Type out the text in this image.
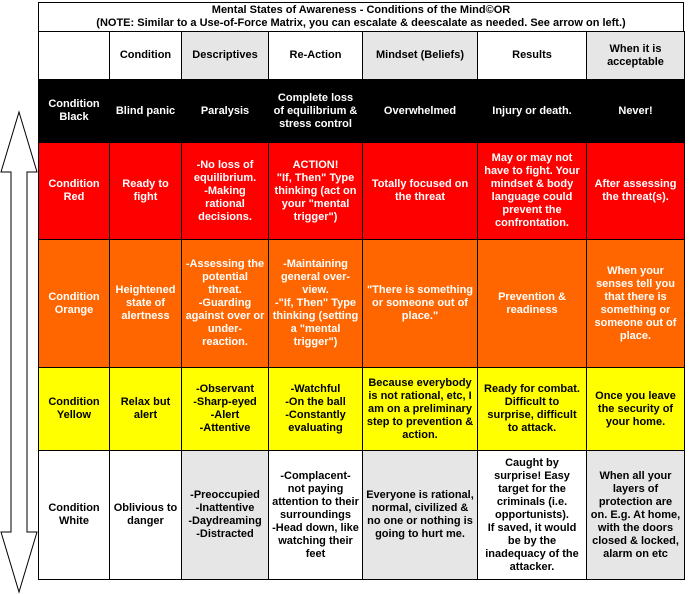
Mental States of Awareness - Conditions of the Mind©OR
(NOTE: Similar to a Use-of-Force Matrix, you can escalate & deescalate as needed. See arrow on left.)
	Condition	Descriptives	Re-Action	Mindset (Beliefs)	Results	When it is acceptable
Condition Black	Blind panic	Paralysis	Complete loss of equilibrium & stress control	Overwhelmed	Injury or death.	Never!
Condition Red	Ready to fight	-No loss of equilibrium.
-Making rational decisions.	ACTION!
"If, Then" Type thinking (act on your "mental trigger")	Totally focused on the threat	May or may not have to fight. Your mindset & body language could prevent the confrontation.	After assessing the threat(s).
Condition Orange	Heightened state of alertness	-Assessing the potential threat.
-Guarding against over or under-reaction.	-Maintaining general over-view.
-"If, Then" Type thinking (setting a "mental trigger")	"There is something or someone out of place."	Prevention & readiness	When your senses tell you that there is something or someone out of place.
Condition Yellow	Relax but alert	-Observant
-Sharp-eyed
-Alert
-Attentive	-Watchful
-On the ball
-Constantly evaluating	Because everybody is not rational, etc, I am on a preliminary step to prevention & action.	Ready for combat. Difficult to surprise, difficult to attack.	Once you leave the security of your home.
Condition White	Oblivious to danger	-Preoccupied
-Inattentive
-Daydreaming
-Distracted	-Complacent- not paying attention to their surroundings
-Head down, like watching their feet	Everyone is rational, normal, civilized & no one or nothing is going to hurt me.	Caught by surprise! Easy target for the criminals (i.e. opportunists).
If saved, it would be by the inadequacy of the attacker.	When all your layers of protection are on. E.g. At home, with the doors closed & locked, alarm on etc
